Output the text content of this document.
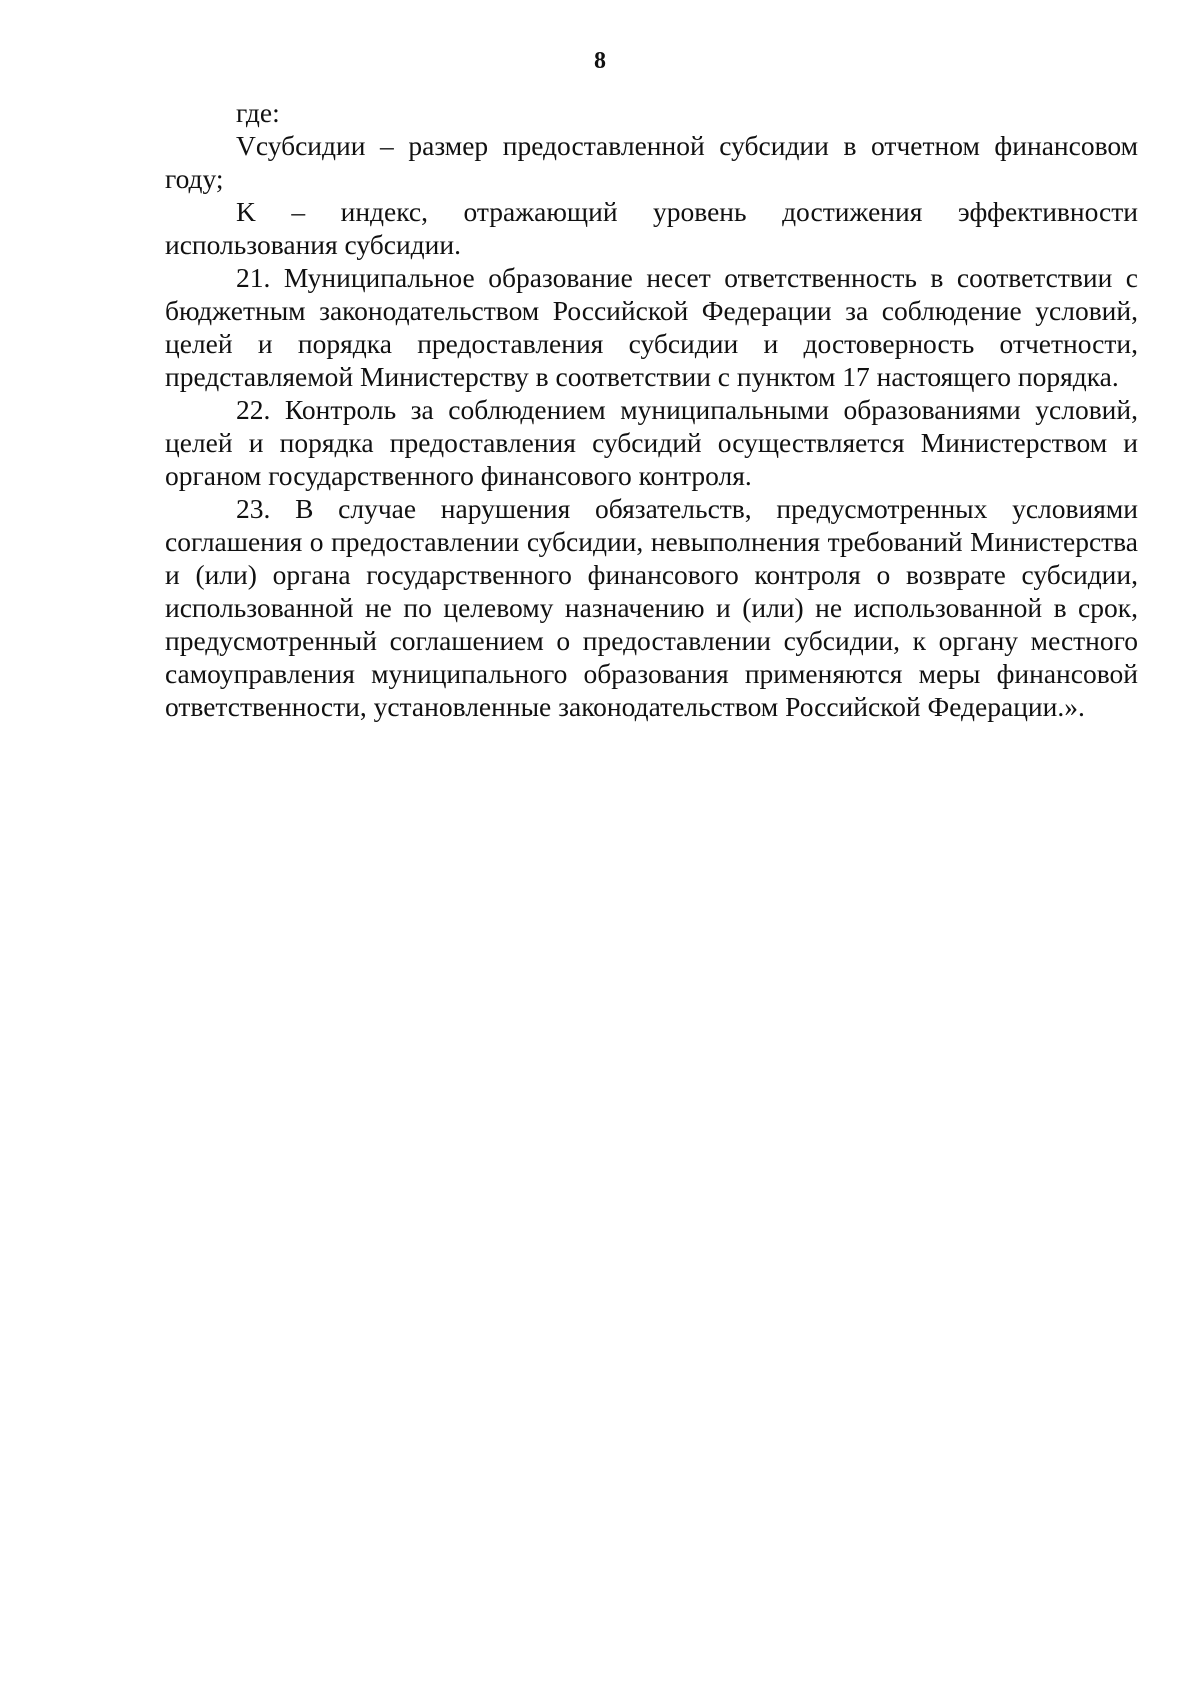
8

где:

Vсубсидии – размер предоставленной субсидии в отчетном финансовом году;

K – индекс, отражающий уровень достижения эффективности использования субсидии.

21. Муниципальное образование несет ответственность в соответствии с бюджетным законодательством Российской Федерации за соблюдение условий, целей и порядка предоставления субсидии и достоверность отчетности, представляемой Министерству в соответствии с пунктом 17 настоящего порядка.

22. Контроль за соблюдением муниципальными образованиями условий, целей и порядка предоставления субсидий осуществляется Министерством и органом государственного финансового контроля.

23. В случае нарушения обязательств, предусмотренных условиями соглашения о предоставлении субсидии, невыполнения требований Министерства и (или) органа государственного финансового контроля о возврате субсидии, использованной не по целевому назначению и (или) не использованной в срок, предусмотренный соглашением о предоставлении субсидии, к органу местного самоуправления муниципального образования применяются меры финансовой ответственности, установленные законодательством Российской Федерации.».
